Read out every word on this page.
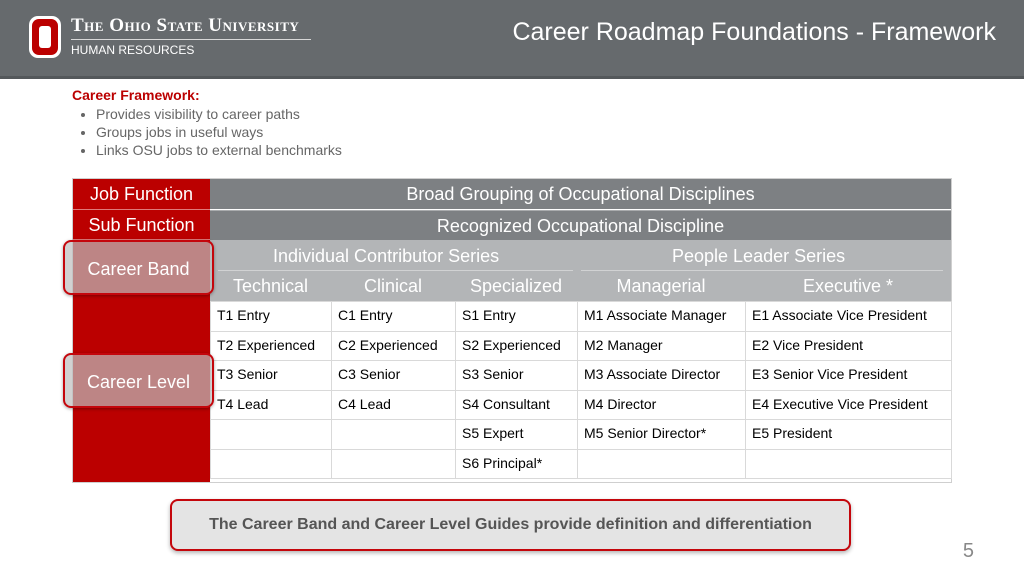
The Ohio State University
HUMAN RESOURCES
Career Roadmap Foundations - Framework
Career Framework:
• Provides visibility to career paths
• Groups jobs in useful ways
• Links OSU jobs to external benchmarks
Job Function
Sub Function
Broad Grouping of Occupational Disciplines
Recognized Occupational Discipline
Individual Contributor Series	People Leader Series
Technical	Clinical	Specialized	Managerial	Executive *
T1 Entry	C1 Entry	S1 Entry	M1 Associate Manager	E1 Associate Vice President
T2 Experienced	C2 Experienced	S2 Experienced	M2 Manager	E2 Vice President
T3 Senior	C3 Senior	S3 Senior	M3 Associate Director	E3 Senior Vice President
T4 Lead	C4 Lead	S4 Consultant	M4 Director	E4 Executive Vice President
		S5 Expert	M5 Senior Director*	E5 President
		S6 Principal*		
Career Band
Career Level
The Career Band and Career Level Guides provide definition and differentiation
5
